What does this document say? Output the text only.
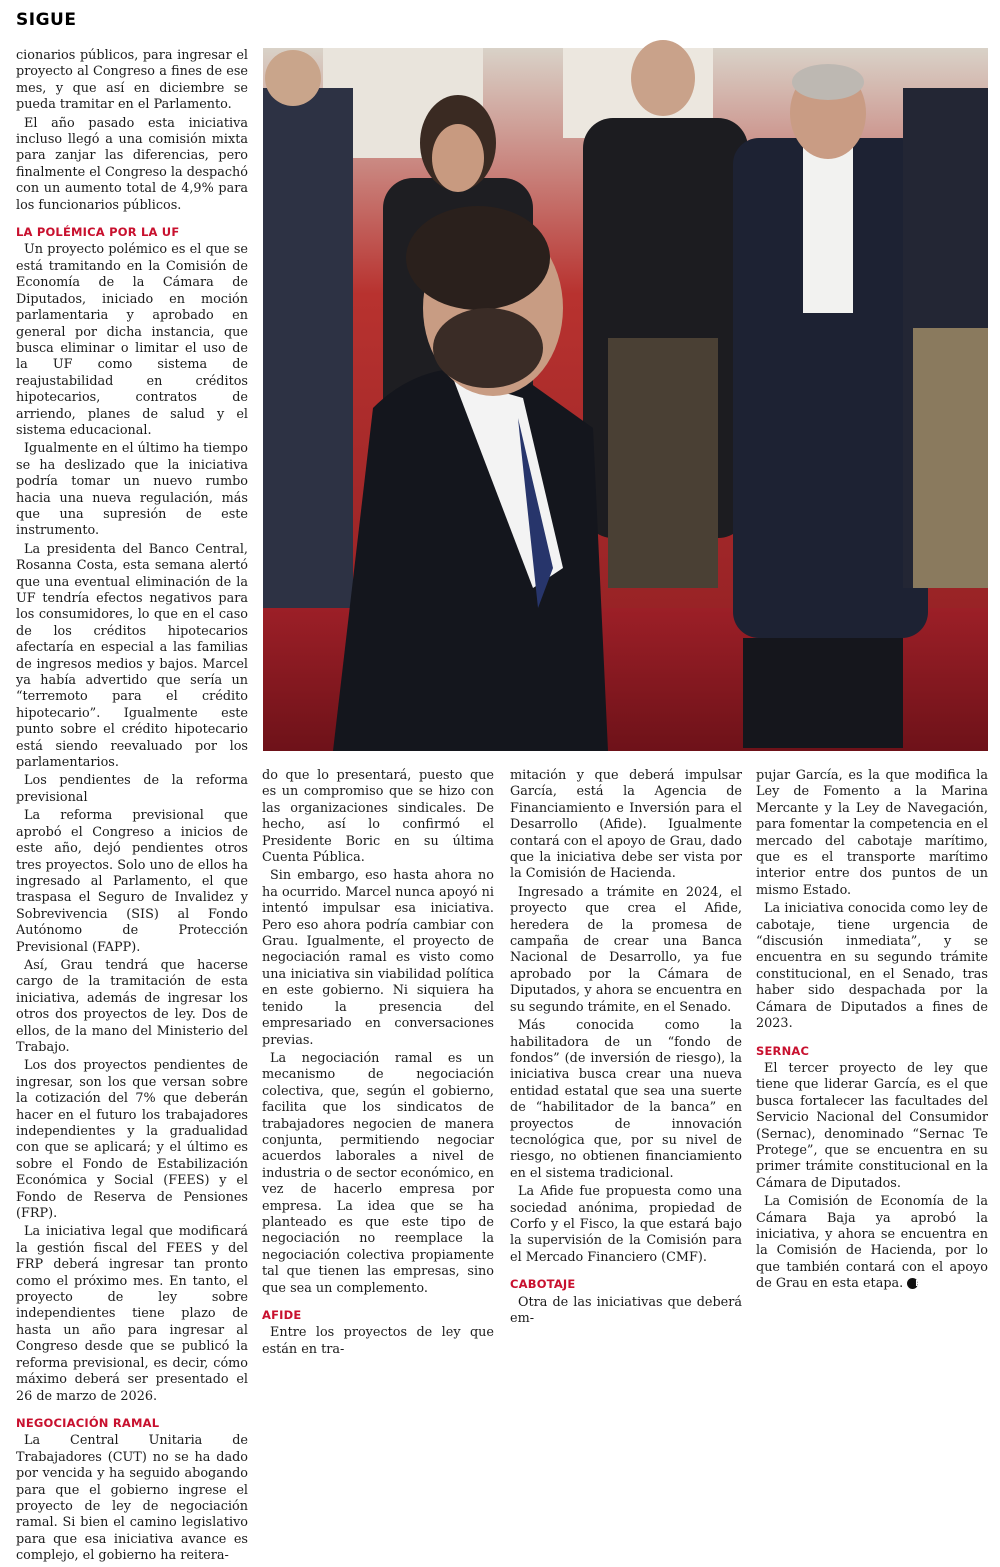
SIGUE

cionarios públicos, para ingresar el proyecto al Congreso a fines de ese mes, y que así en diciembre se pueda tramitar en el Parlamento.

El año pasado esta iniciativa incluso llegó a una comisión mixta para zanjar las diferencias, pero finalmente el Congreso la despachó con un aumento total de 4,9% para los funcionarios públicos.

LA POLÉMICA POR LA UF

Un proyecto polémico es el que se está tramitando en la Comisión de Economía de la Cámara de Diputados, iniciado en moción parlamentaria y aprobado en general por dicha instancia, que busca eliminar o limitar el uso de la UF como sistema de reajustabilidad en créditos hipotecarios, contratos de arriendo, planes de salud y el sistema educacional.

Igualmente en el último ha tiempo se ha deslizado que la iniciativa podría tomar un nuevo rumbo hacia una nueva regulación, más que una supresión de este instrumento.

La presidenta del Banco Central, Rosanna Costa, esta semana alertó que una eventual eliminación de la UF tendría efectos negativos para los consumidores, lo que en el caso de los créditos hipotecarios afectaría en especial a las familias de ingresos medios y bajos. Marcel ya había advertido que sería un “terremoto para el crédito hipotecario”. Igualmente este punto sobre el crédito hipotecario está siendo reevaluado por los parlamentarios.

Los pendientes de la reforma previsional

La reforma previsional que aprobó el Congreso a inicios de este año, dejó pendientes otros tres proyectos. Solo uno de ellos ha ingresado al Parlamento, el que traspasa el Seguro de Invalidez y Sobrevivencia (SIS) al Fondo Autónomo de Protección Previsional (FAPP).

Así, Grau tendrá que hacerse cargo de la tramitación de esta iniciativa, además de ingresar los otros dos proyectos de ley. Dos de ellos, de la mano del Ministerio del Trabajo.

Los dos proyectos pendientes de ingresar, son los que versan sobre la cotización del 7% que deberán hacer en el futuro los trabajadores independientes y la gradualidad con que se aplicará; y el último es sobre el Fondo de Estabilización Económica y Social (FEES) y el Fondo de Reserva de Pensiones (FRP).

La iniciativa legal que modificará la gestión fiscal del FEES y del FRP deberá ingresar tan pronto como el próximo mes. En tanto, el proyecto de ley sobre independientes tiene plazo de hasta un año para ingresar al Congreso desde que se publicó la reforma previsional, es decir, cómo máximo deberá ser presentado el 26 de marzo de 2026.

NEGOCIACIÓN RAMAL

La Central Unitaria de Trabajadores (CUT) no se ha dado por vencida y ha seguido abogando para que el gobierno ingrese el proyecto de ley de negociación ramal. Si bien el camino legislativo para que esa iniciativa avance es complejo, el gobierno ha reitera-

do que lo presentará, puesto que es un compromiso que se hizo con las organizaciones sindicales. De hecho, así lo confirmó el Presidente Boric en su última Cuenta Pública.

Sin embargo, eso hasta ahora no ha ocurrido. Marcel nunca apoyó ni intentó impulsar esa iniciativa. Pero eso ahora podría cambiar con Grau. Igualmente, el proyecto de negociación ramal es visto como una iniciativa sin viabilidad política en este gobierno. Ni siquiera ha tenido la presencia del empresariado en conversaciones previas.

La negociación ramal es un mecanismo de negociación colectiva, que, según el gobierno, facilita que los sindicatos de trabajadores negocien de manera conjunta, permitiendo negociar acuerdos laborales a nivel de industria o de sector económico, en vez de hacerlo empresa por empresa. La idea que se ha planteado es que este tipo de negociación no reemplace la negociación colectiva propiamente tal que tienen las empresas, sino que sea un complemento.

AFIDE

Entre los proyectos de ley que están en tra-

mitación y que deberá impulsar García, está la Agencia de Financiamiento e Inversión para el Desarrollo (Afide). Igualmente contará con el apoyo de Grau, dado que la iniciativa debe ser vista por la Comisión de Hacienda.

Ingresado a trámite en 2024, el proyecto que crea el Afide, heredera de la promesa de campaña de crear una Banca Nacional de Desarrollo, ya fue aprobado por la Cámara de Diputados, y ahora se encuentra en su segundo trámite, en el Senado.

Más conocida como la habilitadora de un “fondo de fondos” (de inversión de riesgo), la iniciativa busca crear una nueva entidad estatal que sea una suerte de “habilitador de la banca” en proyectos de innovación tecnológica que, por su nivel de riesgo, no obtienen financiamiento en el sistema tradicional.

La Afide fue propuesta como una sociedad anónima, propiedad de Corfo y el Fisco, la que estará bajo la supervisión de la Comisión para el Mercado Financiero (CMF).

CABOTAJE

Otra de las iniciativas que deberá em-

pujar García, es la que modifica la Ley de Fomento a la Marina Mercante y la Ley de Navegación, para fomentar la competencia en el mercado del cabotaje marítimo, que es el transporte marítimo interior entre dos puntos de un mismo Estado.

La iniciativa conocida como ley de cabotaje, tiene urgencia de “discusión inmediata”, y se encuentra en su segundo trámite constitucional, en el Senado, tras haber sido despachada por la Cámara de Diputados a fines de 2023.

SERNAC

El tercer proyecto de ley que tiene que liderar García, es el que busca fortalecer las facultades del Servicio Nacional del Consumidor (Sernac), denominado “Sernac Te Protege”, que se encuentra en su primer trámite constitucional en la Cámara de Diputados.

La Comisión de Economía de la Cámara Baja ya aprobó la iniciativa, y ahora se encuentra en la Comisión de Hacienda, por lo que también contará con el apoyo de Grau en esta etapa. P
